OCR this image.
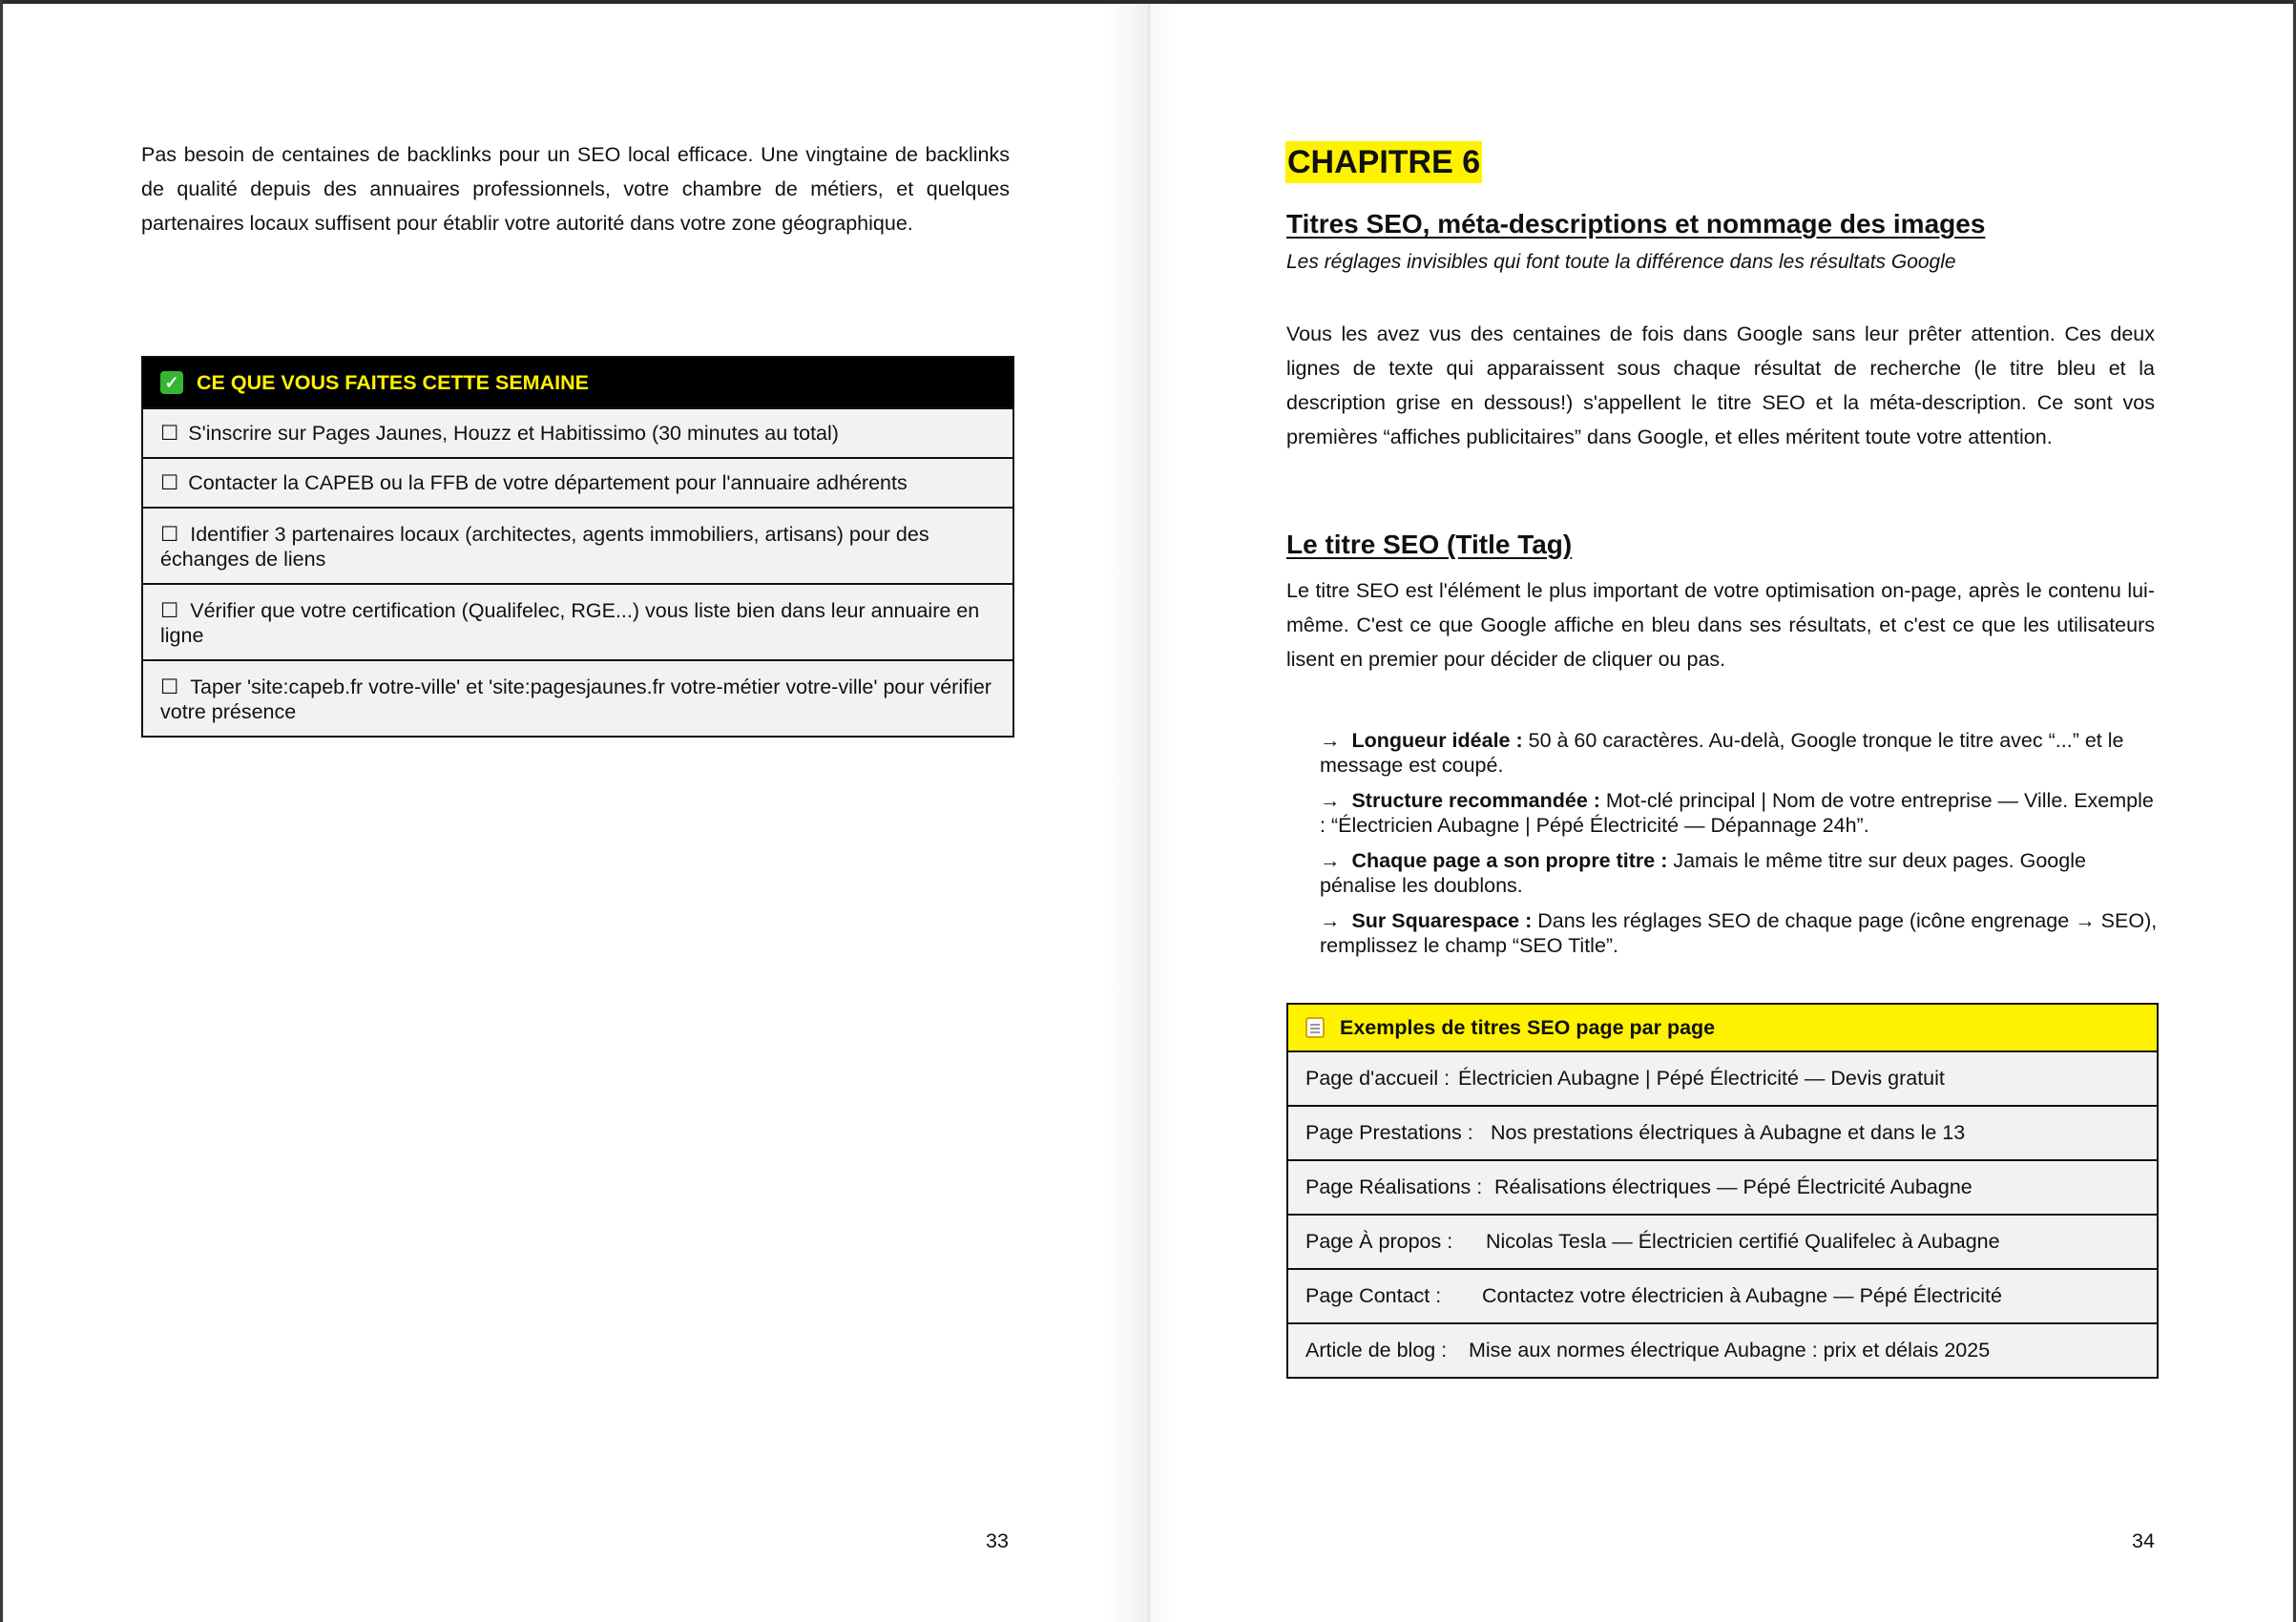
Pas besoin de centaines de backlinks pour un SEO local efficace. Une vingtaine de backlinks de qualité depuis des annuaires professionnels, votre chambre de métiers, et quelques partenaires locaux suffisent pour établir votre autorité dans votre zone géographique.

✓ CE QUE VOUS FAITES CETTE SEMAINE
☐ S'inscrire sur Pages Jaunes, Houzz et Habitissimo (30 minutes au total)
☐ Contacter la CAPEB ou la FFB de votre département pour l'annuaire adhérents
☐ Identifier 3 partenaires locaux (architectes, agents immobiliers, artisans) pour des échanges de liens
☐ Vérifier que votre certification (Qualifelec, RGE...) vous liste bien dans leur annuaire en ligne
☐ Taper 'site:capeb.fr votre-ville' et 'site:pagesjaunes.fr votre-métier votre-ville' pour vérifier votre présence
33
CHAPITRE 6
Titres SEO, méta-descriptions et nommage des images
Les réglages invisibles qui font toute la différence dans les résultats Google

Vous les avez vus des centaines de fois dans Google sans leur prêter attention. Ces deux lignes de texte qui apparaissent sous chaque résultat de recherche (le titre bleu et la description grise en dessous!) s'appellent le titre SEO et la méta-description. Ce sont vos premières “affiches publicitaires” dans Google, et elles méritent toute votre attention.

Le titre SEO (Title Tag)

Le titre SEO est l'élément le plus important de votre optimisation on-page, après le contenu lui-même. C'est ce que Google affiche en bleu dans ses résultats, et c'est ce que les utilisateurs lisent en premier pour décider de cliquer ou pas.

→ Longueur idéale : 50 à 60 caractères. Au-delà, Google tronque le titre avec “...” et le message est coupé.
→ Structure recommandée : Mot-clé principal | Nom de votre entreprise — Ville. Exemple : “Électricien Aubagne | Pépé Électricité — Dépannage 24h”.
→ Chaque page a son propre titre : Jamais le même titre sur deux pages. Google pénalise les doublons.
→ Sur Squarespace : Dans les réglages SEO de chaque page (icône engrenage → SEO), remplissez le champ “SEO Title”.
Exemples de titres SEO page par page
Page d'accueil : Électricien Aubagne | Pépé Électricité — Devis gratuit
Page Prestations : Nos prestations électriques à Aubagne et dans le 13
Page Réalisations : Réalisations électriques — Pépé Électricité Aubagne
Page À propos :	Nicolas Tesla — Électricien certifié Qualifelec à Aubagne
Page Contact :	Contactez votre électricien à Aubagne — Pépé Électricité
Article de blog :	Mise aux normes électrique Aubagne : prix et délais 2025
34
